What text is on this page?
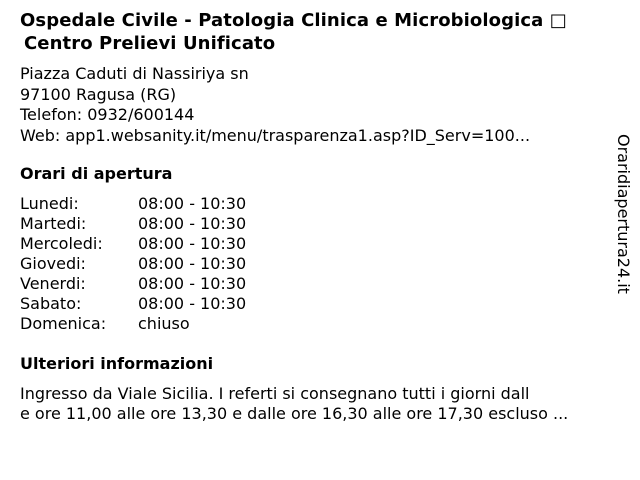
Ospedale Civile - Patologia Clinica e Microbiologica □
Centro Prelievi Unificato
Piazza Caduti di Nassiriya sn
97100 Ragusa (RG)
Telefon: 0932/600144
Web: app1.websanity.it/menu/trasparenza1.asp?ID_Serv=100...
Orari di apertura
Lunedi:	08:00 - 10:30
Martedi:	08:00 - 10:30
Mercoledi: 08:00 - 10:30
Giovedi:	08:00 - 10:30
Venerdi:	08:00 - 10:30
Sabato:	08:00 - 10:30
Domenica: chiuso
Ulteriori informazioni
Ingresso da Viale Sicilia. I referti si consegnano tutti i giorni dall
e ore 11,00 alle ore 13,30 e dalle ore 16,30 alle ore 17,30 escluso ...
Oraridiapertura24.it
